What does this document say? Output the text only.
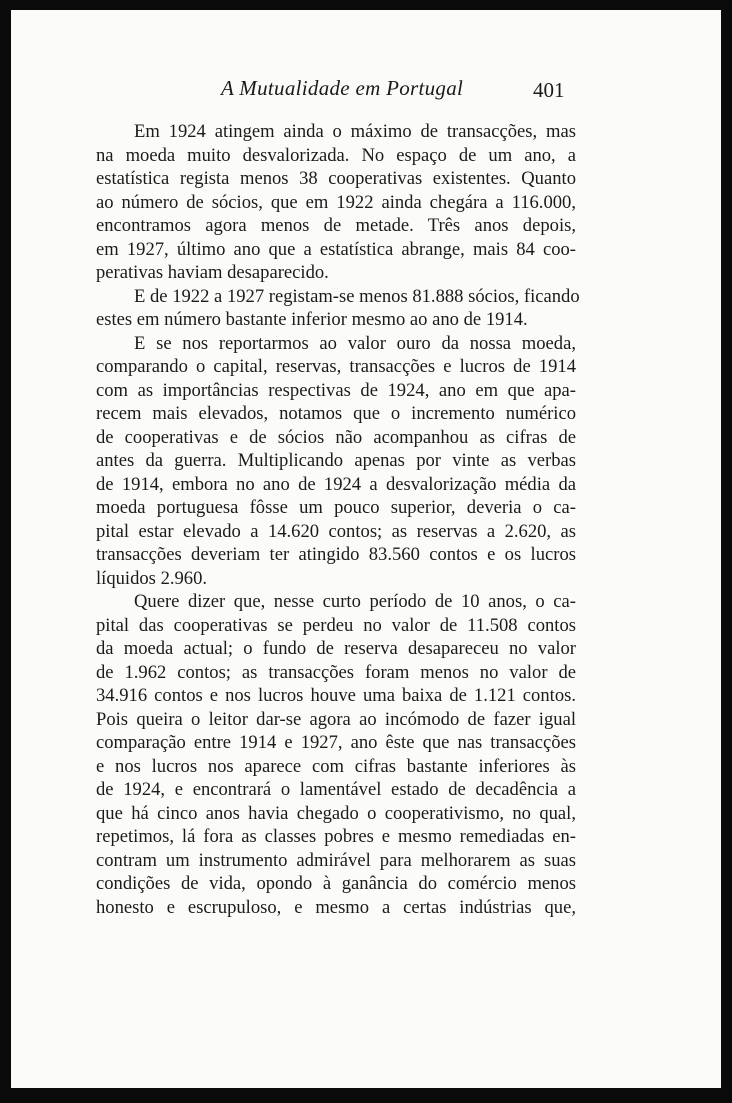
A Mutualidade em Portugal	401
Em 1924 atingem ainda o máximo de transacções, mas
na moeda muito desvalorizada. No espaço de um ano, a
estatística regista menos 38 cooperativas existentes. Quanto
ao número de sócios, que em 1922 ainda chegára a 116.000,
encontramos agora menos de metade. Três anos depois,
em 1927, último ano que a estatística abrange, mais 84 coo-
perativas haviam desaparecido.
E de 1922 a 1927 registam-se menos 81.888 sócios, ficando
estes em número bastante inferior mesmo ao ano de 1914.
E se nos reportarmos ao valor ouro da nossa moeda,
comparando o capital, reservas, transacções e lucros de 1914
com as importâncias respectivas de 1924, ano em que apa-
recem mais elevados, notamos que o incremento numérico
de cooperativas e de sócios não acompanhou as cifras de
antes da guerra. Multiplicando apenas por vinte as verbas
de 1914, embora no ano de 1924 a desvalorização média da
moeda portuguesa fôsse um pouco superior, deveria o ca-
pital estar elevado a 14.620 contos; as reservas a 2.620, as
transacções deveriam ter atingido 83.560 contos e os lucros
líquidos 2.960.
Quere dizer que, nesse curto período de 10 anos, o ca-
pital das cooperativas se perdeu no valor de 11.508 contos
da moeda actual; o fundo de reserva desapareceu no valor
de 1.962 contos; as transacções foram menos no valor de
34.916 contos e nos lucros houve uma baixa de 1.121 contos.
Pois queira o leitor dar-se agora ao incómodo de fazer igual
comparação entre 1914 e 1927, ano êste que nas transacções
e nos lucros nos aparece com cifras bastante inferiores às
de 1924, e encontrará o lamentável estado de decadência a
que há cinco anos havia chegado o cooperativismo, no qual,
repetimos, lá fora as classes pobres e mesmo remediadas en-
contram um instrumento admirável para melhorarem as suas
condições de vida, opondo à ganância do comércio menos
honesto e escrupuloso, e mesmo a certas indústrias que,
